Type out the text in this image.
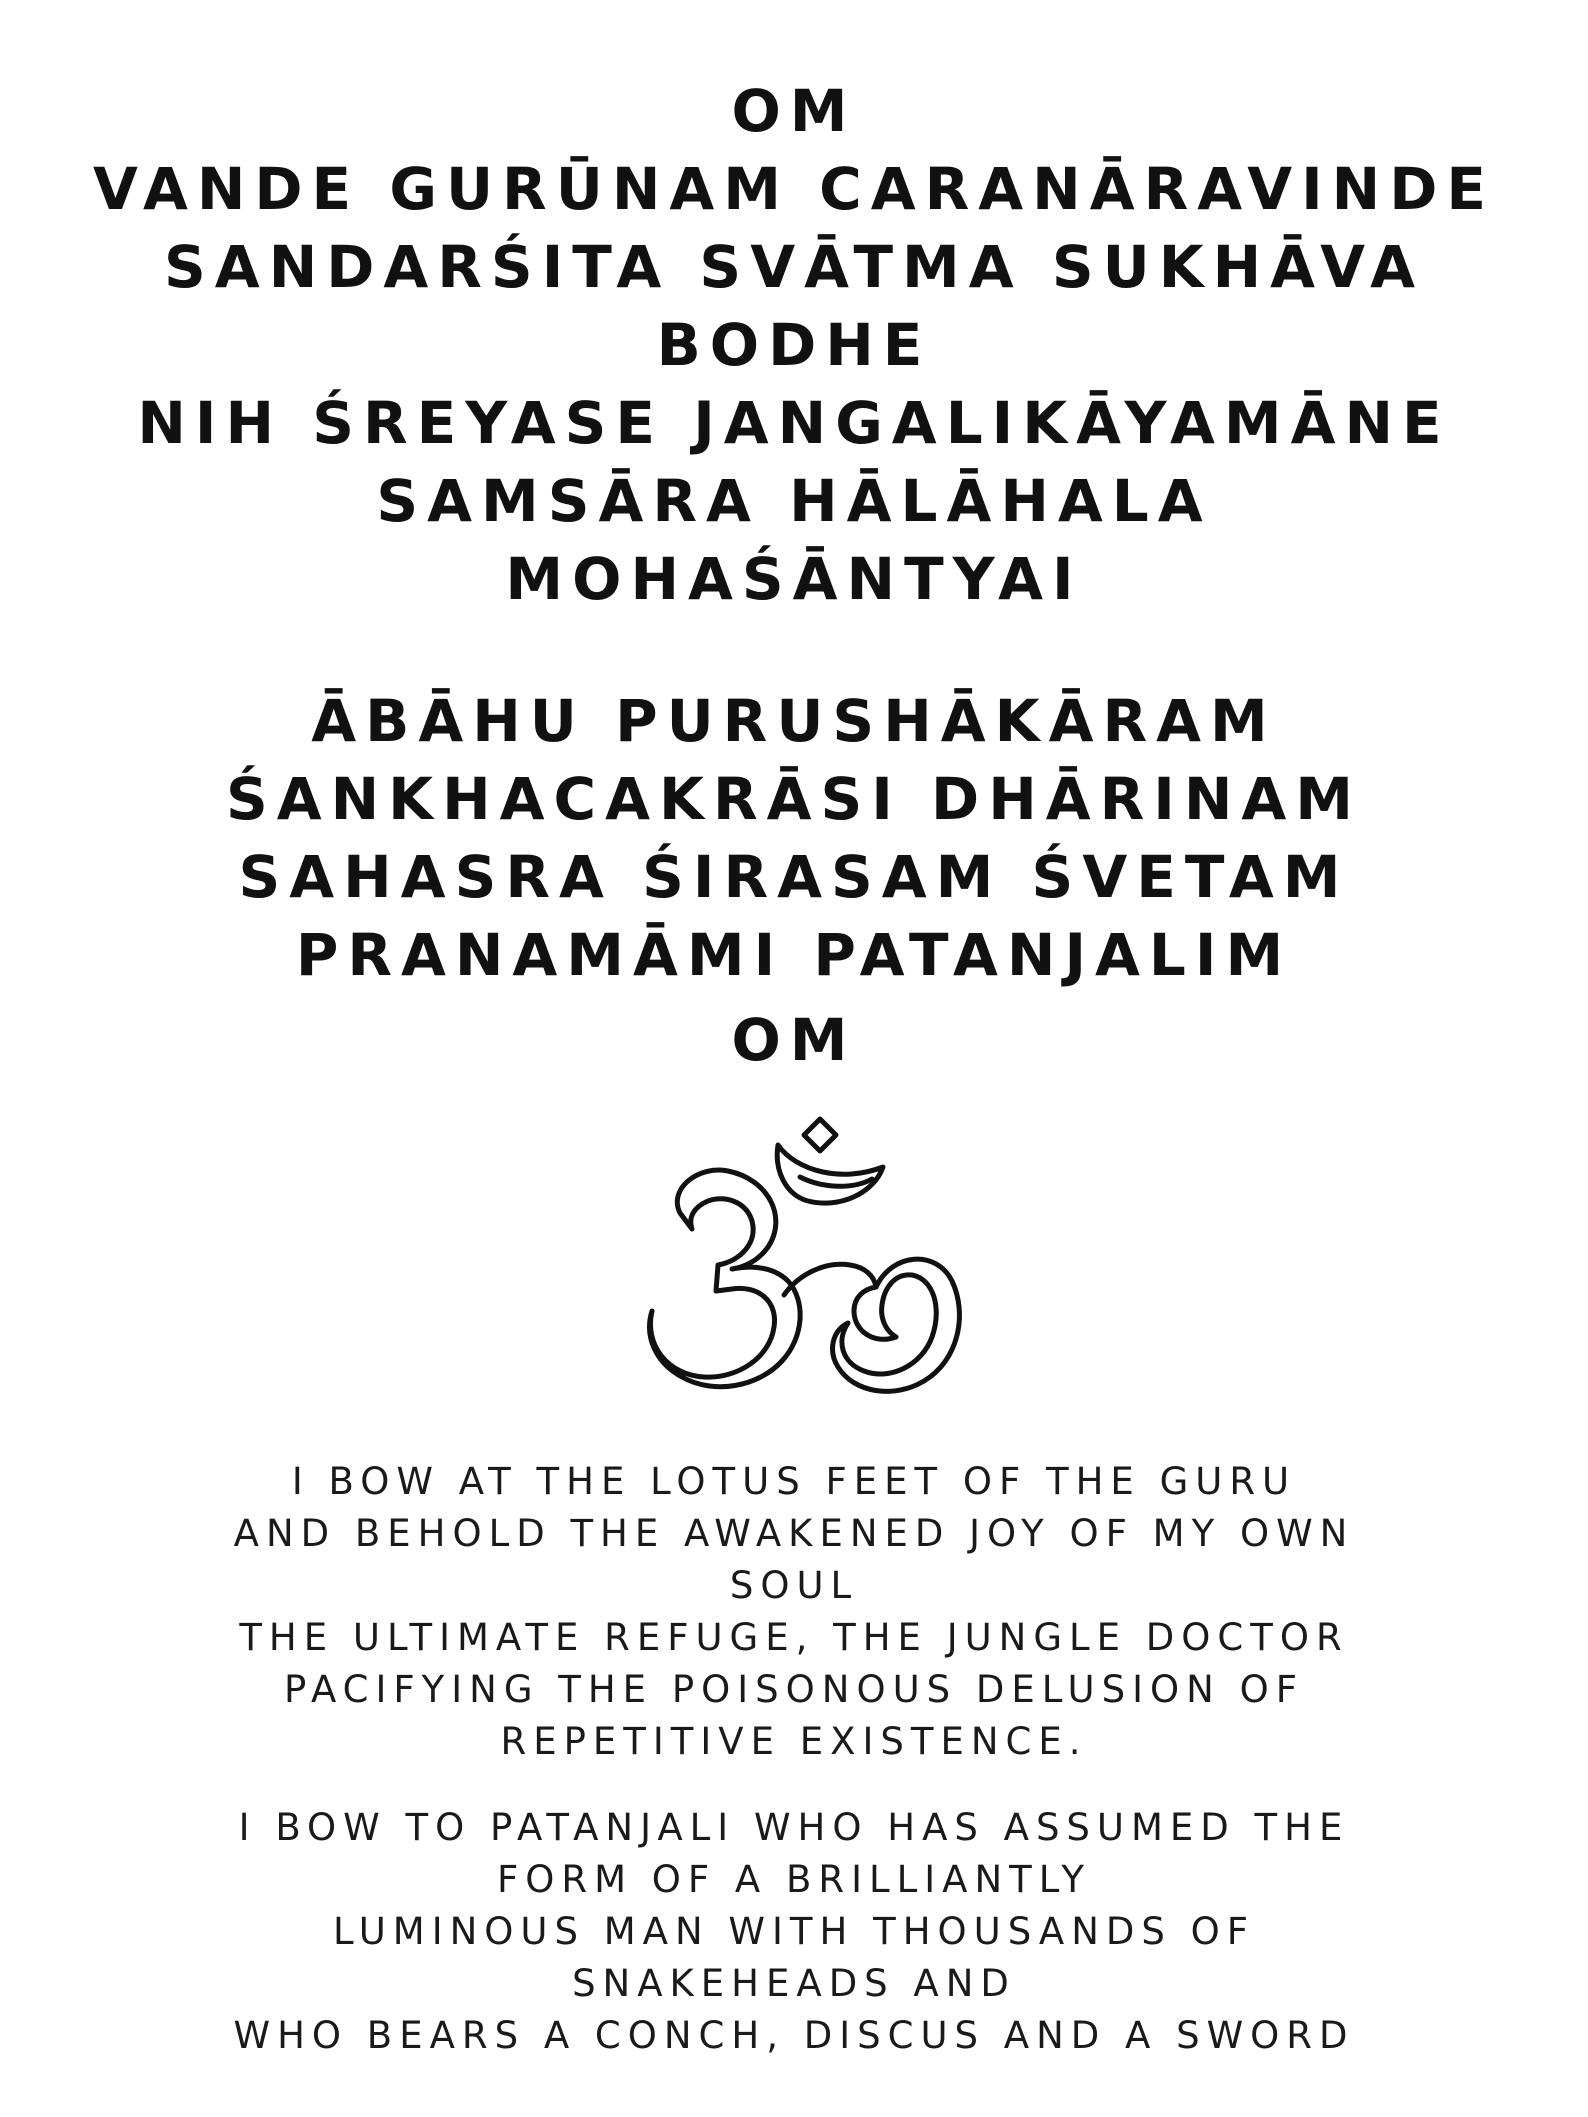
OM
VANDE GURŪNAM CARANĀRAVINDE
SANDARŚITA SVĀTMA SUKHĀVA
BODHE
NIH ŚREYASE JANGALIKĀYAMĀNE
SAMSĀRA HĀLĀHALA
MOHAŚĀNTYAI
ĀBĀHU PURUSHĀKĀRAM
ŚANKHACAKRĀSI DHĀRINAM
SAHASRA ŚIRASAM ŚVETAM
PRANAMĀMI PATANJALIM
OM
I BOW AT THE LOTUS FEET OF THE GURU
AND BEHOLD THE AWAKENED JOY OF MY OWN
SOUL
THE ULTIMATE REFUGE, THE JUNGLE DOCTOR
PACIFYING THE POISONOUS DELUSION OF
REPETITIVE EXISTENCE.
I BOW TO PATANJALI WHO HAS ASSUMED THE
FORM OF A BRILLIANTLY
LUMINOUS MAN WITH THOUSANDS OF
SNAKEHEADS AND
WHO BEARS A CONCH, DISCUS AND A SWORD
